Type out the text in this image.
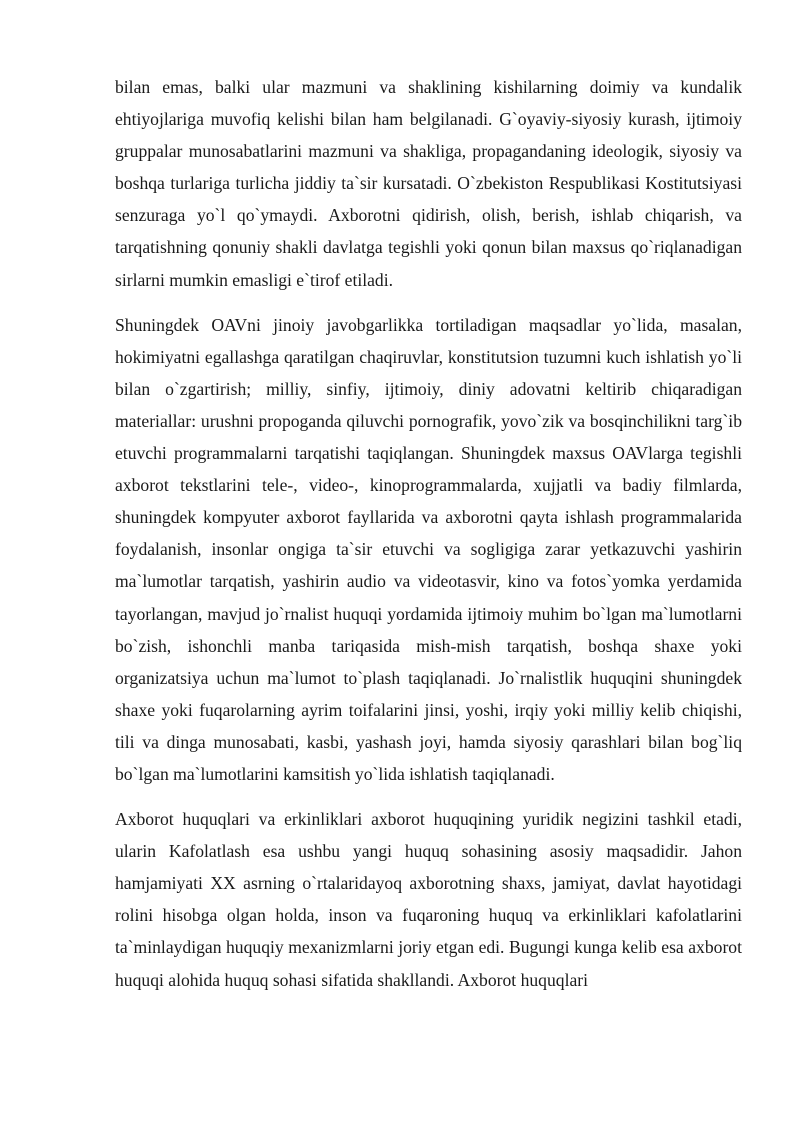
bilan emas, balki ular mazmuni va shaklining kishilarning doimiy va kundalik ehtiyojlariga muvofiq kelishi bilan ham belgilanadi. G`oyaviy-siyosiy kurash, ijtimoiy gruppalar munosabatlarini mazmuni va shakliga, propagandaning ideologik, siyosiy va boshqa turlariga turlicha jiddiy ta`sir kursatadi. O`zbekiston Respublikasi Kostitutsiyasi senzuraga yo`l qo`ymaydi. Axborotni qidirish, olish, berish, ishlab chiqarish, va tarqatishning qonuniy shakli davlatga tegishli yoki qonun bilan maxsus qo`riqlanadigan sirlarni mumkin emasligi e`tirof etiladi.

Shuningdek OAVni jinoiy javobgarlikka tortiladigan maqsadlar yo`lida, masalan, hokimiyatni egallashga qaratilgan chaqiruvlar, konstitutsion tuzumni kuch ishlatish yo`li bilan o`zgartirish; milliy, sinfiy, ijtimoiy, diniy adovatni keltirib chiqaradigan materiallar: urushni propoganda qiluvchi pornografik, yovo`zik va bosqinchilikni targ`ib etuvchi programmalarni tarqatishi taqiqlangan. Shuningdek maxsus OAVlarga tegishli axborot tekstlarini tele-, video-, kinoprogrammalarda, xujjatli va badiy filmlarda, shuningdek kompyuter axborot fayllarida va axborotni qayta ishlash programmalarida foydalanish, insonlar ongiga ta`sir etuvchi va sogligiga zarar yetkazuvchi yashirin ma`lumotlar tarqatish, yashirin audio va videotasvir, kino va fotos`yomka yerdamida tayorlangan, mavjud jo`rnalist huquqi yordamida ijtimoiy muhim bo`lgan ma`lumotlarni bo`zish, ishonchli manba tariqasida mish-mish tarqatish, boshqa shaxe yoki organizatsiya uchun ma`lumot to`plash taqiqlanadi. Jo`rnalistlik huquqini shuningdek shaxe yoki fuqarolarning ayrim toifalarini jinsi, yoshi, irqiy yoki milliy kelib chiqishi, tili va dinga munosabati, kasbi, yashash joyi, hamda siyosiy qarashlari bilan bog`liq bo`lgan ma`lumotlarini kamsitish yo`lida ishlatish taqiqlanadi.

Axborot huquqlari va erkinliklari axborot huquqining yuridik negizini tashkil etadi, ularin Kafolatlash esa ushbu yangi huquq sohasining asosiy maqsadidir. Jahon hamjamiyati XX asrning o`rtalaridayoq axborotning shaxs, jamiyat, davlat hayotidagi rolini hisobga olgan holda, inson va fuqaroning huquq va erkinliklari kafolatlarini ta`minlaydigan huquqiy mexanizmlarni joriy etgan edi. Bugungi kunga kelib esa axborot huquqi alohida huquq sohasi sifatida shakllandi. Axborot huquqlari
